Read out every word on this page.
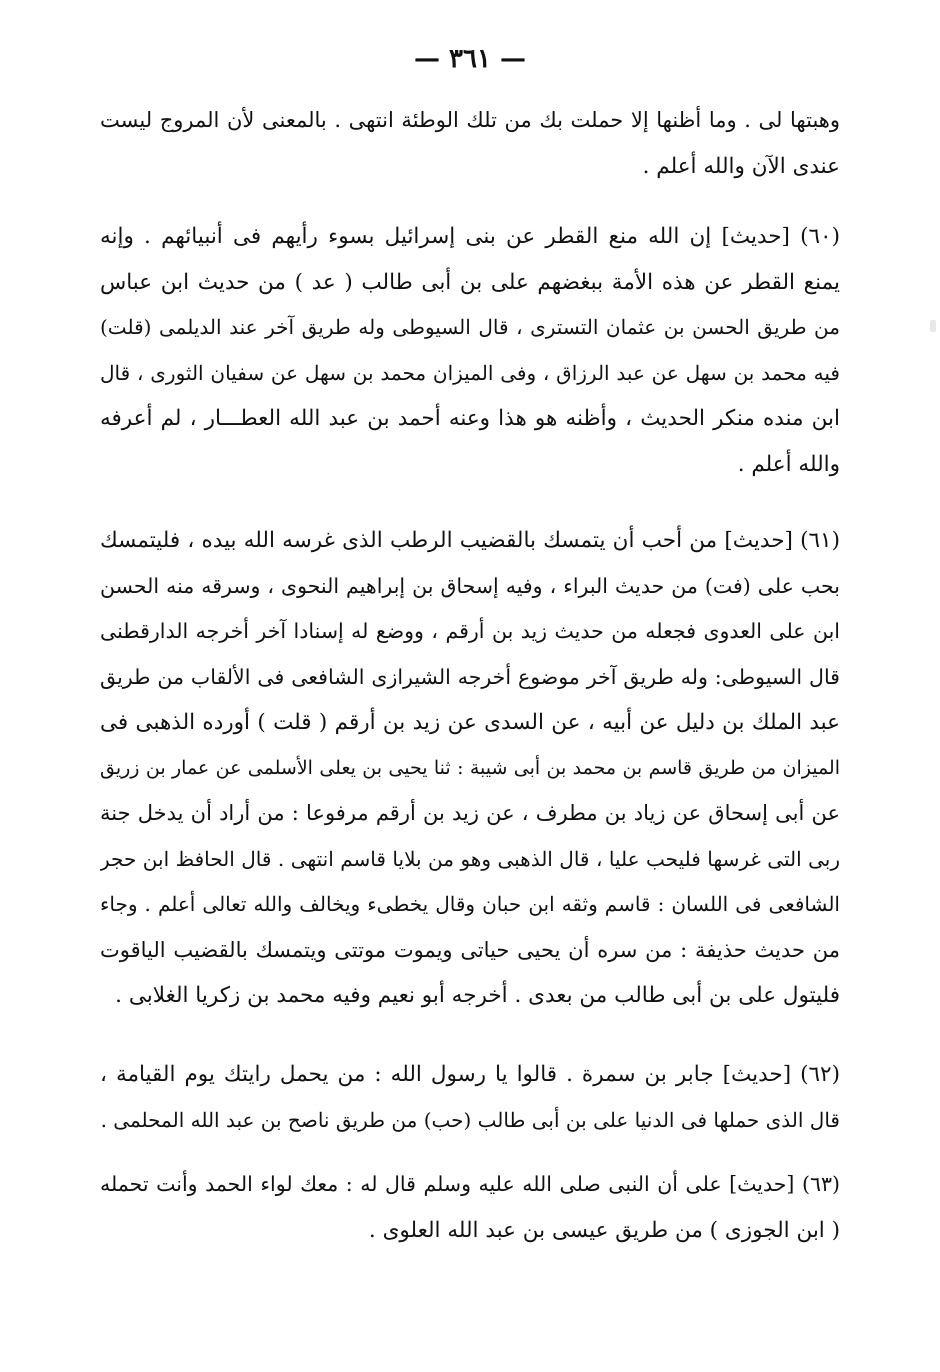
— ٣٦١ —
وهبتها لى . وما أظنها إلا حملت بك من تلك الوطئة انتهى . بالمعنى لأن المروج ليست
عندى الآن والله أعلم .
(٦٠) [حديث] إن الله منع القطر عن بنى إسرائيل بسوء رأيهم فى أنبيائهم . وإنه
يمنع القطر عن هذه الأمة ببغضهم على بن أبى طالب ( عد ) من حديث ابن عباس
من طريق الحسن بن عثمان التسترى ، قال السيوطى وله طريق آخر عند الديلمى (قلت)
فيه محمد بن سهل عن عبد الرزاق ، وفى الميزان محمد بن سهل عن سفيان الثورى ، قال
ابن منده منكر الحديث ، وأظنه هو هذا وعنه أحمد بن عبد الله العطـــار ، لم أعرفه
والله أعلم .
(٦١) [حديث] من أحب أن يتمسك بالقضيب الرطب الذى غرسه الله بيده ، فليتمسك
بحب على (فت) من حديث البراء ، وفيه إسحاق بن إبراهيم النحوى ، وسرقه منه الحسن
ابن على العدوى فجعله من حديث زيد بن أرقم ، ووضع له إسنادا آخر أخرجه الدارقطنى
قال السيوطى: وله طريق آخر موضوع أخرجه الشيرازى الشافعى فى الألقاب من طريق
عبد الملك بن دليل عن أبيه ، عن السدى عن زيد بن أرقم ( قلت ) أورده الذهبى فى
الميزان من طريق قاسم بن محمد بن أبى شيبة : ثنا يحيى بن يعلى الأسلمى عن عمار بن زريق
عن أبى إسحاق عن زياد بن مطرف ، عن زيد بن أرقم مرفوعا : من أراد أن يدخل جنة
ربى التى غرسها فليحب عليا ، قال الذهبى وهو من بلايا قاسم انتهى . قال الحافظ ابن حجر
الشافعى فى اللسان : قاسم وثقه ابن حبان وقال يخطىء ويخالف والله تعالى أعلم . وجاء
من حديث حذيفة : من سره أن يحيى حياتى ويموت موتتى ويتمسك بالقضيب الياقوت
فليتول على بن أبى طالب من بعدى . أخرجه أبو نعيم وفيه محمد بن زكريا الغلابى .
(٦٢) [حديث] جابر بن سمرة . قالوا يا رسول الله : من يحمل رايتك يوم القيامة ،
قال الذى حملها فى الدنيا على بن أبى طالب (حب) من طريق ناصح بن عبد الله المحلمى .
(٦٣) [حديث] على أن النبى صلى الله عليه وسلم قال له : معك لواء الحمد وأنت تحمله
( ابن الجوزى ) من طريق عيسى بن عبد الله العلوى .
